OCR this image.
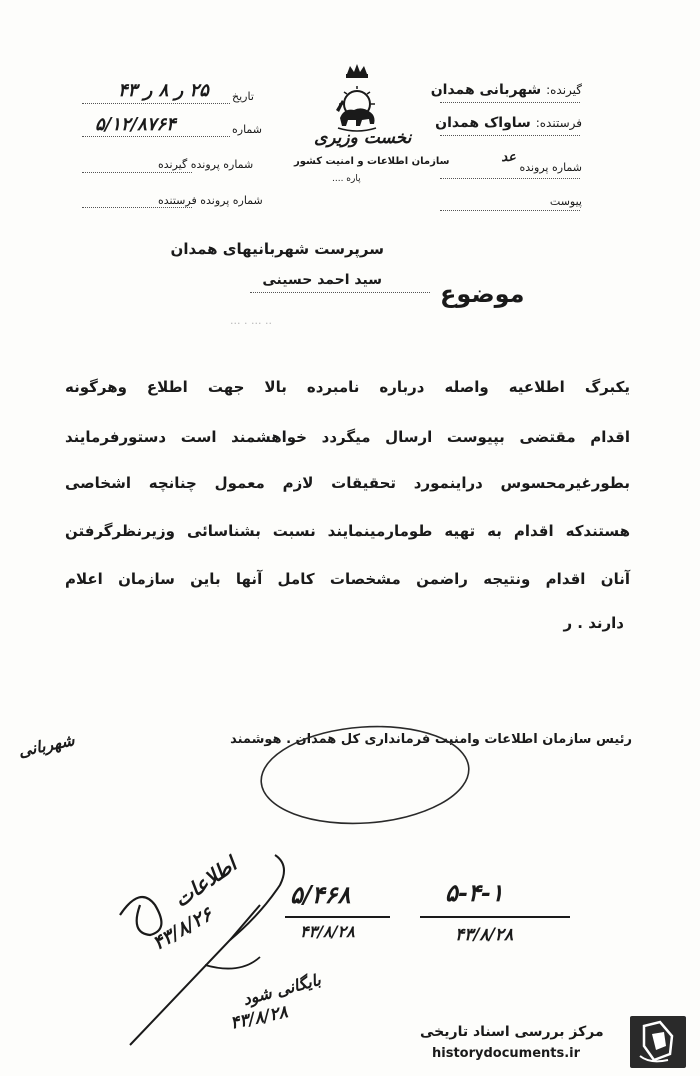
گیرنده: شهربانی همدان
فرستنده: ساواک همدان
شماره پرونده عد
پیوست
نخست وزیری
سازمان اطلاعات و امنیت کشور
پاره ....
تاریخ
۲۵ ر ۸ ر ۴۳
شماره
۵/۱۲/۸۷۶۴
شماره پرونده گیرنده
شماره پرونده فرستنده
سرپرست شهربانیهای همدان
سید احمد حسینی موضوع
... . ... ..
یکبرگ اطلاعیه واصله درباره نامبرده بالا جهت اطلاع وهرگونه
اقدام مقتضی بپیوست ارسال میگردد خواهشمند است دستورفرمایند
بطورغیرمحسوس دراینمورد تحقیقات لازم معمول چنانچه اشخاصی
هستندکه اقدام به تهیه طومارمینمایند نسبت بشناسائی وزیرنظرگرفتن
آنان اقدام ونتیجه راضمن مشخصات کامل آنها باین سازمان اعلام
دارند . ر
رئیس سازمان اطلاعات وامنیت فرمانداری کل همدان . هوشمند
شهربانی
اطلاعات
۴۳/۸/۲۶
۵/۴۶۸
۴۳/۸/۲۸
۵-۴-۱
۴۳/۸/۲۸
بایگانی شود
۴۳/۸/۲۸	مرکز بررسی اسناد تاریخی
historydocuments.ir
